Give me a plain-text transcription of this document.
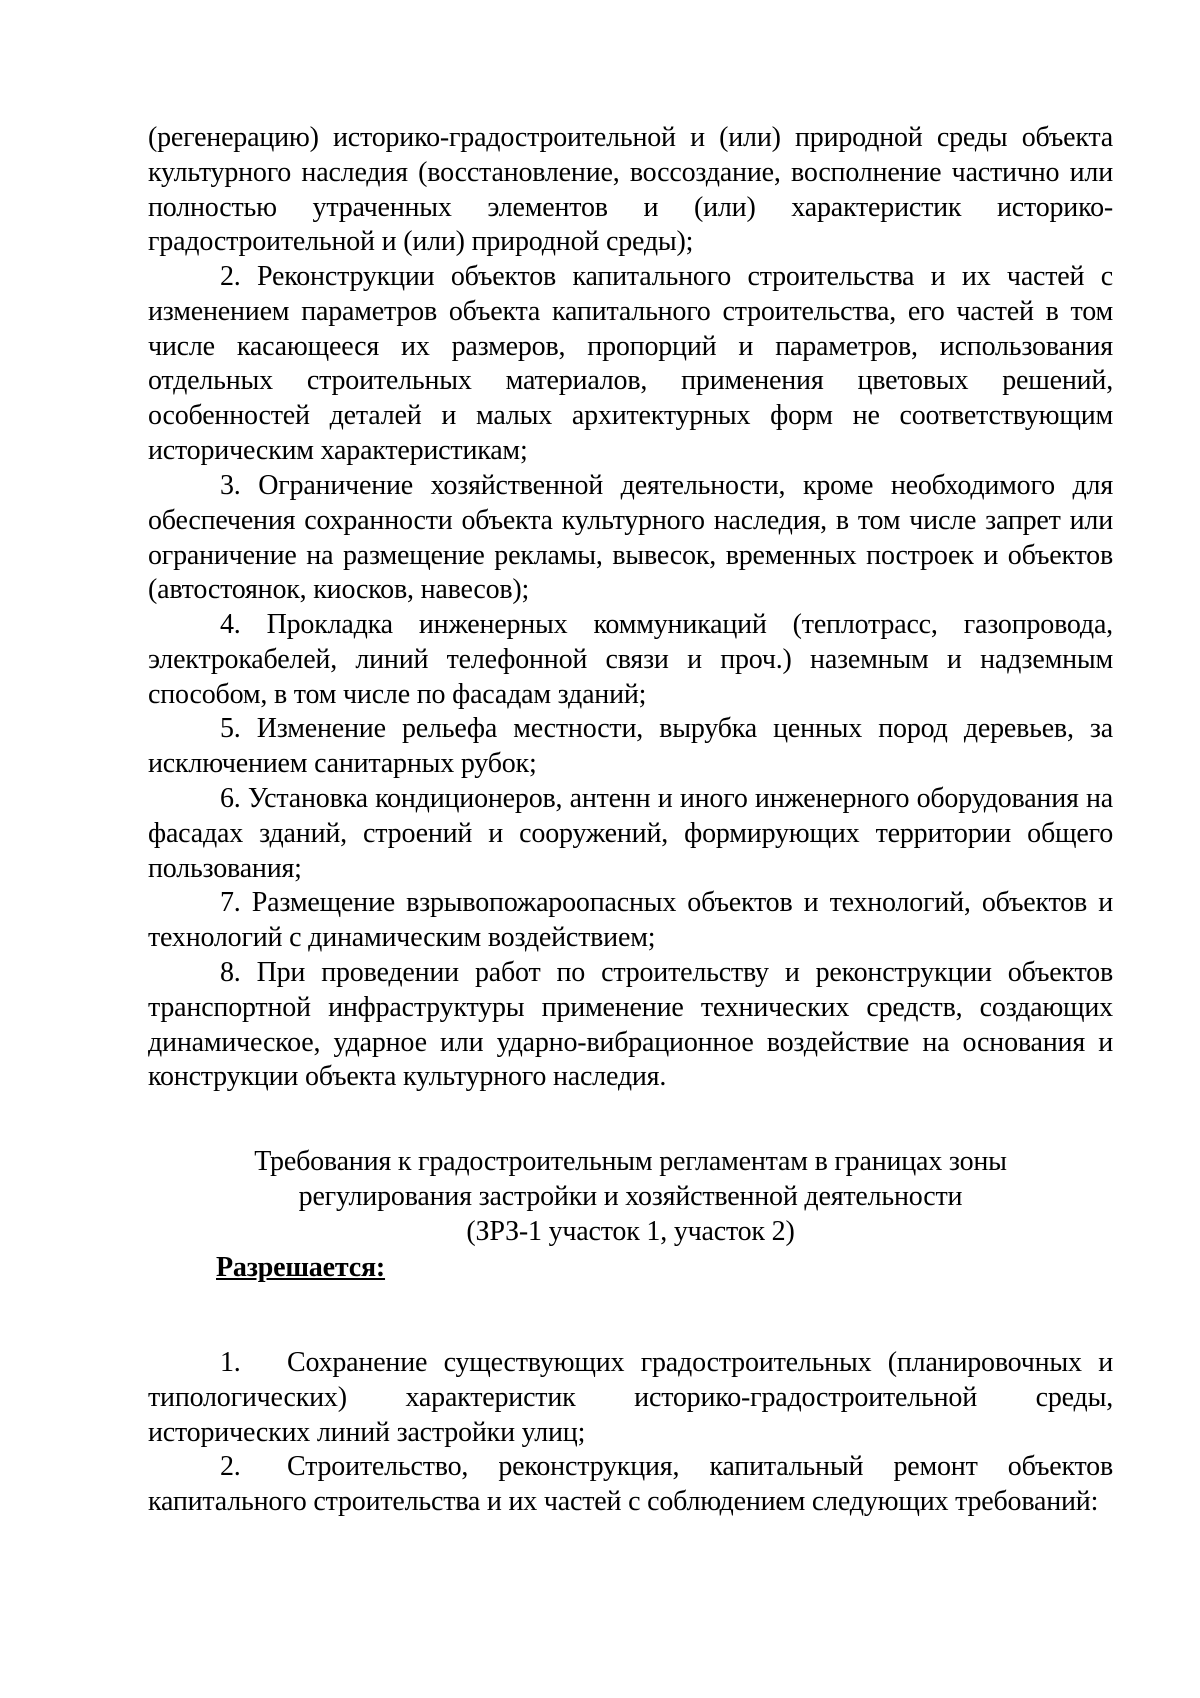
(регенерацию) историко-градостроительной и (или) природной среды объекта культурного наследия (восстановление, воссоздание, восполнение частично или полностью утраченных элементов и (или) характеристик историко-градостроительной и (или) природной среды);

2. Реконструкции объектов капитального строительства и их частей с изменением параметров объекта капитального строительства, его частей в том числе касающееся их размеров, пропорций и параметров, использования отдельных строительных материалов, применения цветовых решений, особенностей деталей и малых архитектурных форм не соответствующим историческим характеристикам;

3. Ограничение хозяйственной деятельности, кроме необходимого для обеспечения сохранности объекта культурного наследия, в том числе запрет или ограничение на размещение рекламы, вывесок, временных построек и объектов (автостоянок, киосков, навесов);

4. Прокладка инженерных коммуникаций (теплотрасс, газопровода, электрокабелей, линий телефонной связи и проч.) наземным и надземным способом, в том числе по фасадам зданий;

5. Изменение рельефа местности, вырубка ценных пород деревьев, за исключением санитарных рубок;

6. Установка кондиционеров, антенн и иного инженерного оборудования на фасадах зданий, строений и сооружений, формирующих территории общего пользования;

7. Размещение взрывопожароопасных объектов и технологий, объектов и технологий с динамическим воздействием;

8. При проведении работ по строительству и реконструкции объектов транспортной инфраструктуры применение технических средств, создающих динамическое, ударное или ударно-вибрационное воздействие на основания и конструкции объекта культурного наследия.

Требования к градостроительным регламентам в границах зоны
регулирования застройки и хозяйственной деятельности
(ЗРЗ-1 участок 1, участок 2)

Разрешается:

1. Сохранение существующих градостроительных (планировочных и типологических) характеристик историко-градостроительной среды, исторических линий застройки улиц;

2. Строительство, реконструкция, капитальный ремонт объектов капитального строительства и их частей с соблюдением следующих требований:
